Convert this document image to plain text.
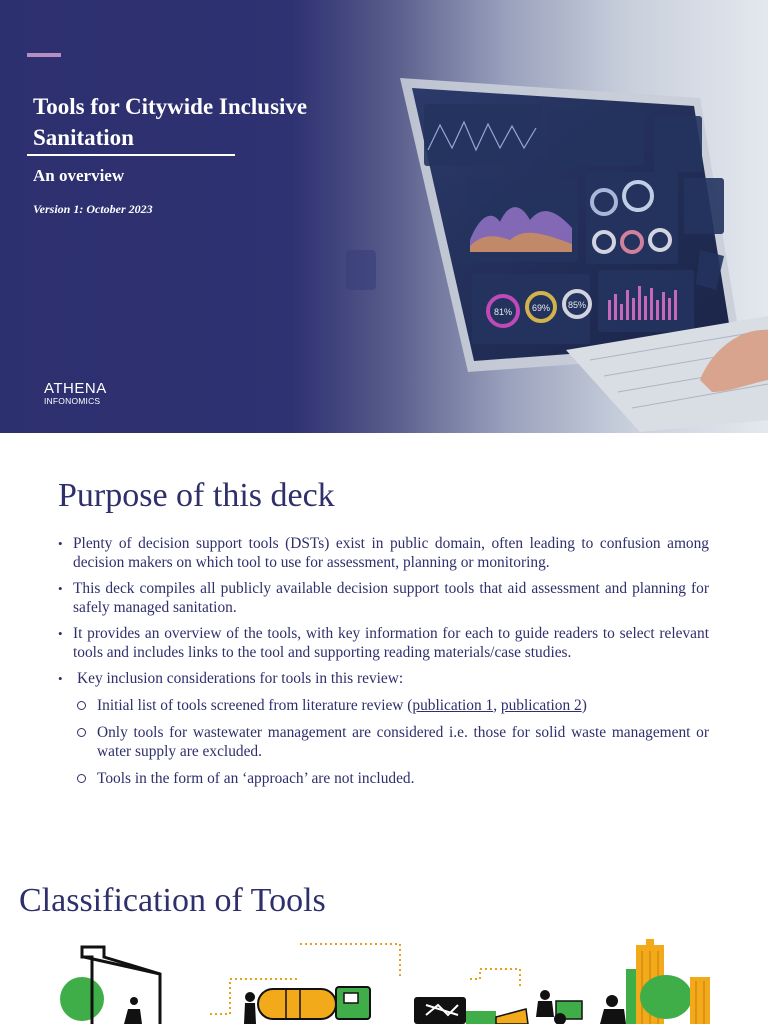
81% 69% 85%
Tools for Citywide Inclusive Sanitation
An overview
Version 1: October 2023
ATHENA
INFONOMICS
Purpose of this deck
• Plenty of decision support tools (DSTs) exist in public domain, often leading to confusion among decision makers on which tool to use for assessment, planning or monitoring.
• This deck compiles all publicly available decision support tools that aid assessment and planning for safely managed sanitation.
• It provides an overview of the tools, with key information for each to guide readers to select relevant tools and includes links to the tool and supporting reading materials/case studies.
• Key inclusion considerations for tools in this review:
Initial list of tools screened from literature review (publication 1, publication 2)
Only tools for wastewater management are considered i.e. those for solid waste management or water supply are excluded.
Tools in the form of an ‘approach’ are not included.
Classification of Tools
